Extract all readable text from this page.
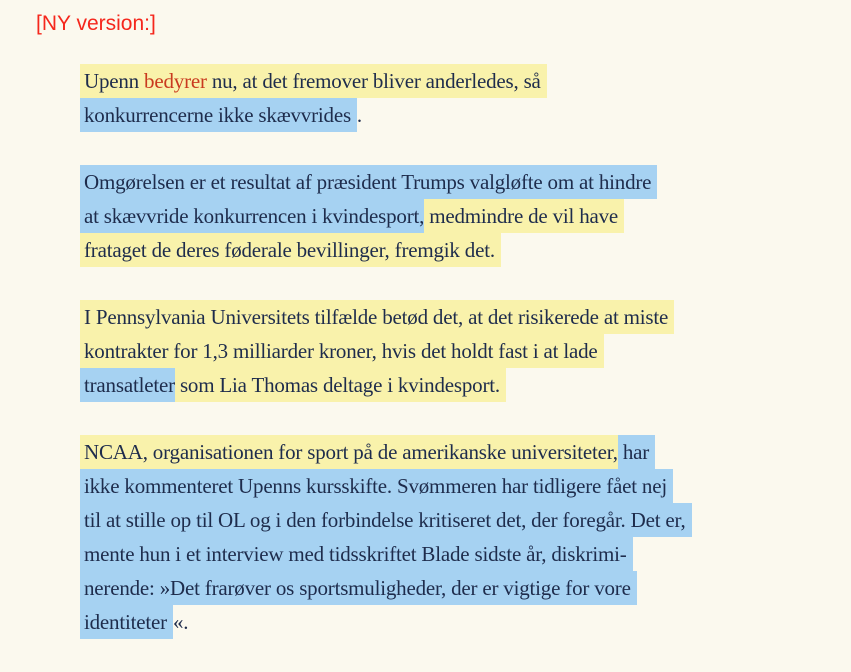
[NY version:]
Upenn bedyrer nu, at det fremover bliver anderledes, så
konkurrencerne ikke skævvrides .
Omgørelsen er et resultat af præsident Trumps valgløfte om at hindre
at skævvride konkurrencen i kvindesport, medmindre de vil have
frataget de deres føderale bevillinger, fremgik det.
I Pennsylvania Universitets tilfælde betød det, at det risikerede at miste
kontrakter for 1,3 milliarder kroner, hvis det holdt fast i at lade
transatleter som Lia Thomas deltage i kvindesport.
NCAA, organisationen for sport på de amerikanske universiteter, har
ikke kommenteret Upenns kursskifte. Svømmeren har tidligere fået nej
til at stille op til OL og i den forbindelse kritiseret det, der foregår. Det er,
mente hun i et interview med tidsskriftet Blade sidste år, diskrimi-
nerende: »Det frarøver os sportsmuligheder, der er vigtige for vore
identiteter «.
